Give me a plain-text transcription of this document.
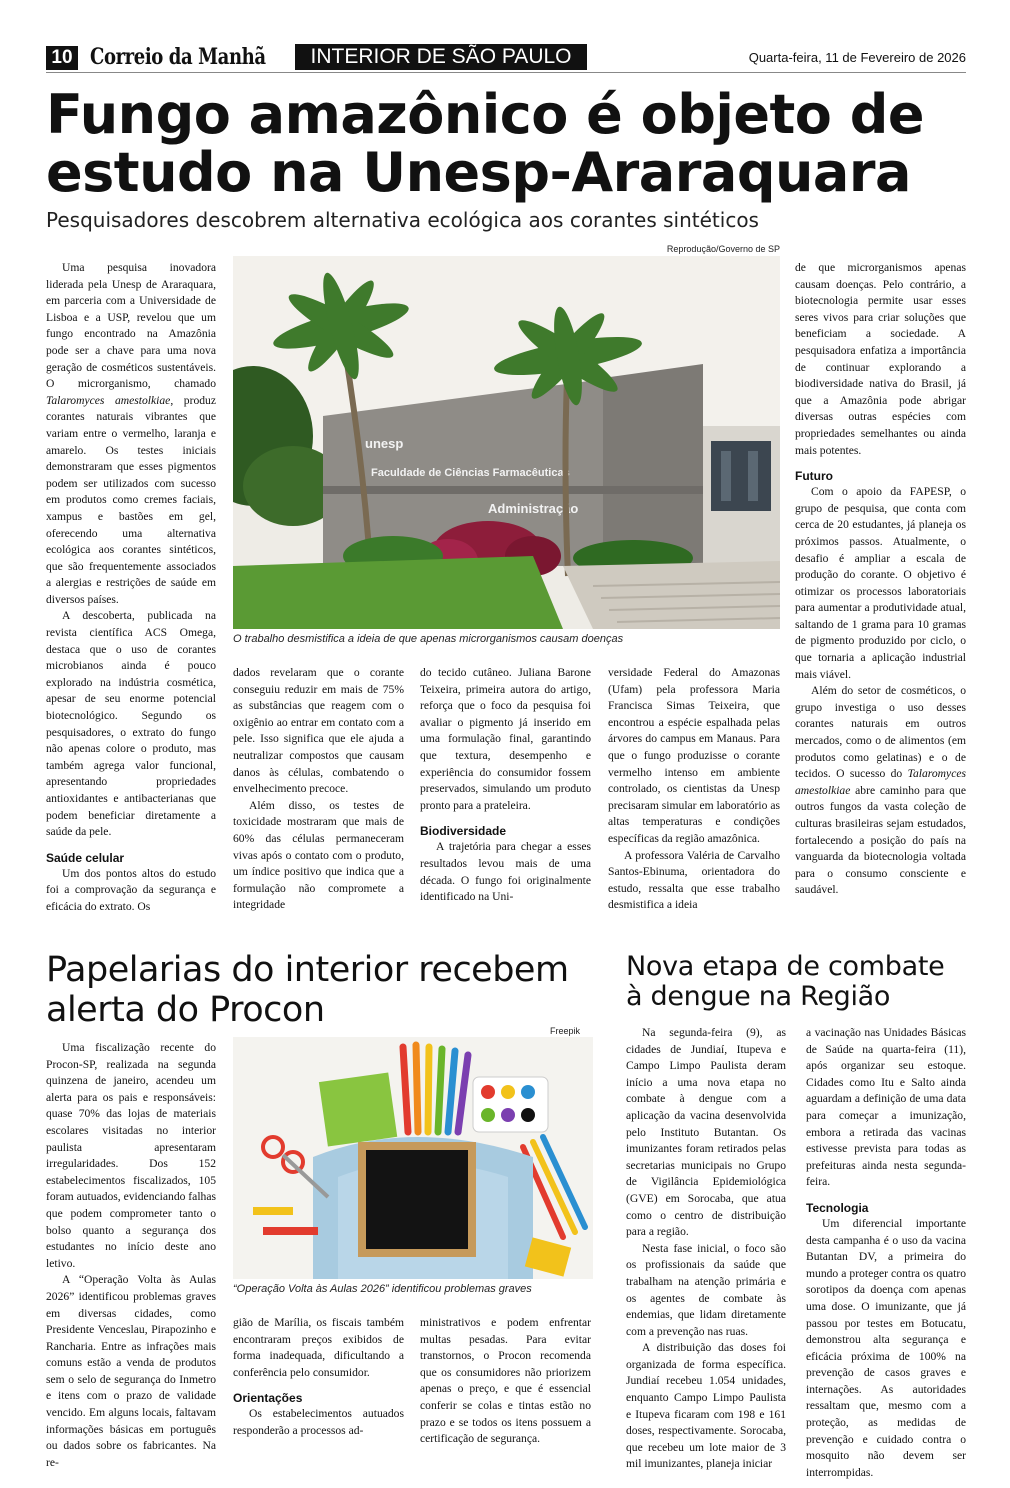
10 Correio da Manhã	INTERIOR DE SÃO PAULO	Quarta-feira, 11 de Fevereiro de 2026
Fungo amazônico é objeto de estudo na Unesp-Araraquara
Pesquisadores descobrem alternativa ecológica aos corantes sintéticos
Reprodução/Governo de SP
unesp
Faculdade de Ciências Farmacêuticas
Administração
O trabalho desmistifica a ideia de que apenas microrganismos causam doenças

Uma pesquisa inovadora liderada pela Unesp de Araraquara, em parceria com a Universidade de Lisboa e a USP, revelou que um fungo encontrado na Amazônia pode ser a chave para uma nova geração de cosméticos sustentáveis. O microrganismo, chamado Talaromyces amestolkiae, produz corantes naturais vibrantes que variam entre o vermelho, laranja e amarelo. Os testes iniciais demonstraram que esses pigmentos podem ser utilizados com sucesso em produtos como cremes faciais, xampus e bastões em gel, oferecendo uma alternativa ecológica aos corantes sintéticos, que são frequentemente associados a alergias e restrições de saúde em diversos países.

A descoberta, publicada na revista científica ACS Omega, destaca que o uso de corantes microbianos ainda é pouco explorado na indústria cosmética, apesar de seu enorme potencial biotecnológico. Segundo os pesquisadores, o extrato do fungo não apenas colore o produto, mas também agrega valor funcional, apresentando propriedades antioxidantes e antibacterianas que podem beneficiar diretamente a saúde da pele.

Saúde celular

Um dos pontos altos do estudo foi a comprovação da segurança e eficácia do extrato. Os

dados revelaram que o corante conseguiu reduzir em mais de 75% as substâncias que reagem com o oxigênio ao entrar em contato com a pele. Isso significa que ele ajuda a neutralizar compostos que causam danos às células, combatendo o envelhecimento precoce.

Além disso, os testes de toxicidade mostraram que mais de 60% das células permaneceram vivas após o contato com o produto, um índice positivo que indica que a formulação não compromete a integridade

do tecido cutâneo. Juliana Barone Teixeira, primeira autora do artigo, reforça que o foco da pesquisa foi avaliar o pigmento já inserido em uma formulação final, garantindo que textura, desempenho e experiência do consumidor fossem preservados, simulando um produto pronto para a prateleira.

Biodiversidade

A trajetória para chegar a esses resultados levou mais de uma década. O fungo foi originalmente identificado na Uni-

versidade Federal do Amazonas (Ufam) pela professora Maria Francisca Simas Teixeira, que encontrou a espécie espalhada pelas árvores do campus em Manaus. Para que o fungo produzisse o corante vermelho intenso em ambiente controlado, os cientistas da Unesp precisaram simular em laboratório as altas temperaturas e condições específicas da região amazônica.

A professora Valéria de Carvalho Santos-Ebinuma, orientadora do estudo, ressalta que esse trabalho desmistifica a ideia

de que microrganismos apenas causam doenças. Pelo contrário, a biotecnologia permite usar esses seres vivos para criar soluções que beneficiam a sociedade. A pesquisadora enfatiza a importância de continuar explorando a biodiversidade nativa do Brasil, já que a Amazônia pode abrigar diversas outras espécies com propriedades semelhantes ou ainda mais potentes.

Futuro

Com o apoio da FAPESP, o grupo de pesquisa, que conta com cerca de 20 estudantes, já planeja os próximos passos. Atualmente, o desafio é ampliar a escala de produção do corante. O objetivo é otimizar os processos laboratoriais para aumentar a produtividade atual, saltando de 1 grama para 10 gramas de pigmento produzido por ciclo, o que tornaria a aplicação industrial mais viável.

Além do setor de cosméticos, o grupo investiga o uso desses corantes naturais em outros mercados, como o de alimentos (em produtos como gelatinas) e o de tecidos. O sucesso do Talaromyces amestolkiae abre caminho para que outros fungos da vasta coleção de culturas brasileiras sejam estudados, fortalecendo a posição do país na vanguarda da biotecnologia voltada para o consumo consciente e saudável.

Papelarias do interior recebem alerta do Procon
Freepik
“Operação Volta às Aulas 2026” identificou problemas graves

Uma fiscalização recente do Procon-SP, realizada na segunda quinzena de janeiro, acendeu um alerta para os pais e responsáveis: quase 70% das lojas de materiais escolares visitadas no interior paulista apresentaram irregularidades. Dos 152 estabelecimentos fiscalizados, 105 foram autuados, evidenciando falhas que podem comprometer tanto o bolso quanto a segurança dos estudantes no início deste ano letivo.

A “Operação Volta às Aulas 2026” identificou problemas graves em diversas cidades, como Presidente Venceslau, Pirapozinho e Rancharia. Entre as infrações mais comuns estão a venda de produtos sem o selo de segurança do Inmetro e itens com o prazo de validade vencido. Em alguns locais, faltavam informações básicas em português ou dados sobre os fabricantes. Na re-

gião de Marília, os fiscais também encontraram preços exibidos de forma inadequada, dificultando a conferência pelo consumidor.

Orientações

Os estabelecimentos autuados responderão a processos ad-

ministrativos e podem enfrentar multas pesadas. Para evitar transtornos, o Procon recomenda que os consumidores não priorizem apenas o preço, e que é essencial conferir se colas e tintas estão no prazo e se todos os itens possuem a certificação de segurança.

Nova etapa de combate à dengue na Região

Na segunda-feira (9), as cidades de Jundiaí, Itupeva e Campo Limpo Paulista deram início a uma nova etapa no combate à dengue com a aplicação da vacina desenvolvida pelo Instituto Butantan. Os imunizantes foram retirados pelas secretarias municipais no Grupo de Vigilância Epidemiológica (GVE) em Sorocaba, que atua como o centro de distribuição para a região.

Nesta fase inicial, o foco são os profissionais da saúde que trabalham na atenção primária e os agentes de combate às endemias, que lidam diretamente com a prevenção nas ruas.

A distribuição das doses foi organizada de forma específica. Jundiaí recebeu 1.054 unidades, enquanto Campo Limpo Paulista e Itupeva ficaram com 198 e 161 doses, respectivamente. Sorocaba, que recebeu um lote maior de 3 mil imunizantes, planeja iniciar

a vacinação nas Unidades Básicas de Saúde na quarta-feira (11), após organizar seu estoque. Cidades como Itu e Salto ainda aguardam a definição de uma data para começar a imunização, embora a retirada das vacinas estivesse prevista para todas as prefeituras ainda nesta segunda-feira.

Tecnologia

Um diferencial importante desta campanha é o uso da vacina Butantan DV, a primeira do mundo a proteger contra os quatro sorotipos da doença com apenas uma dose. O imunizante, que já passou por testes em Botucatu, demonstrou alta segurança e eficácia próxima de 100% na prevenção de casos graves e internações. As autoridades ressaltam que, mesmo com a proteção, as medidas de prevenção e cuidado contra o mosquito não devem ser interrompidas.
